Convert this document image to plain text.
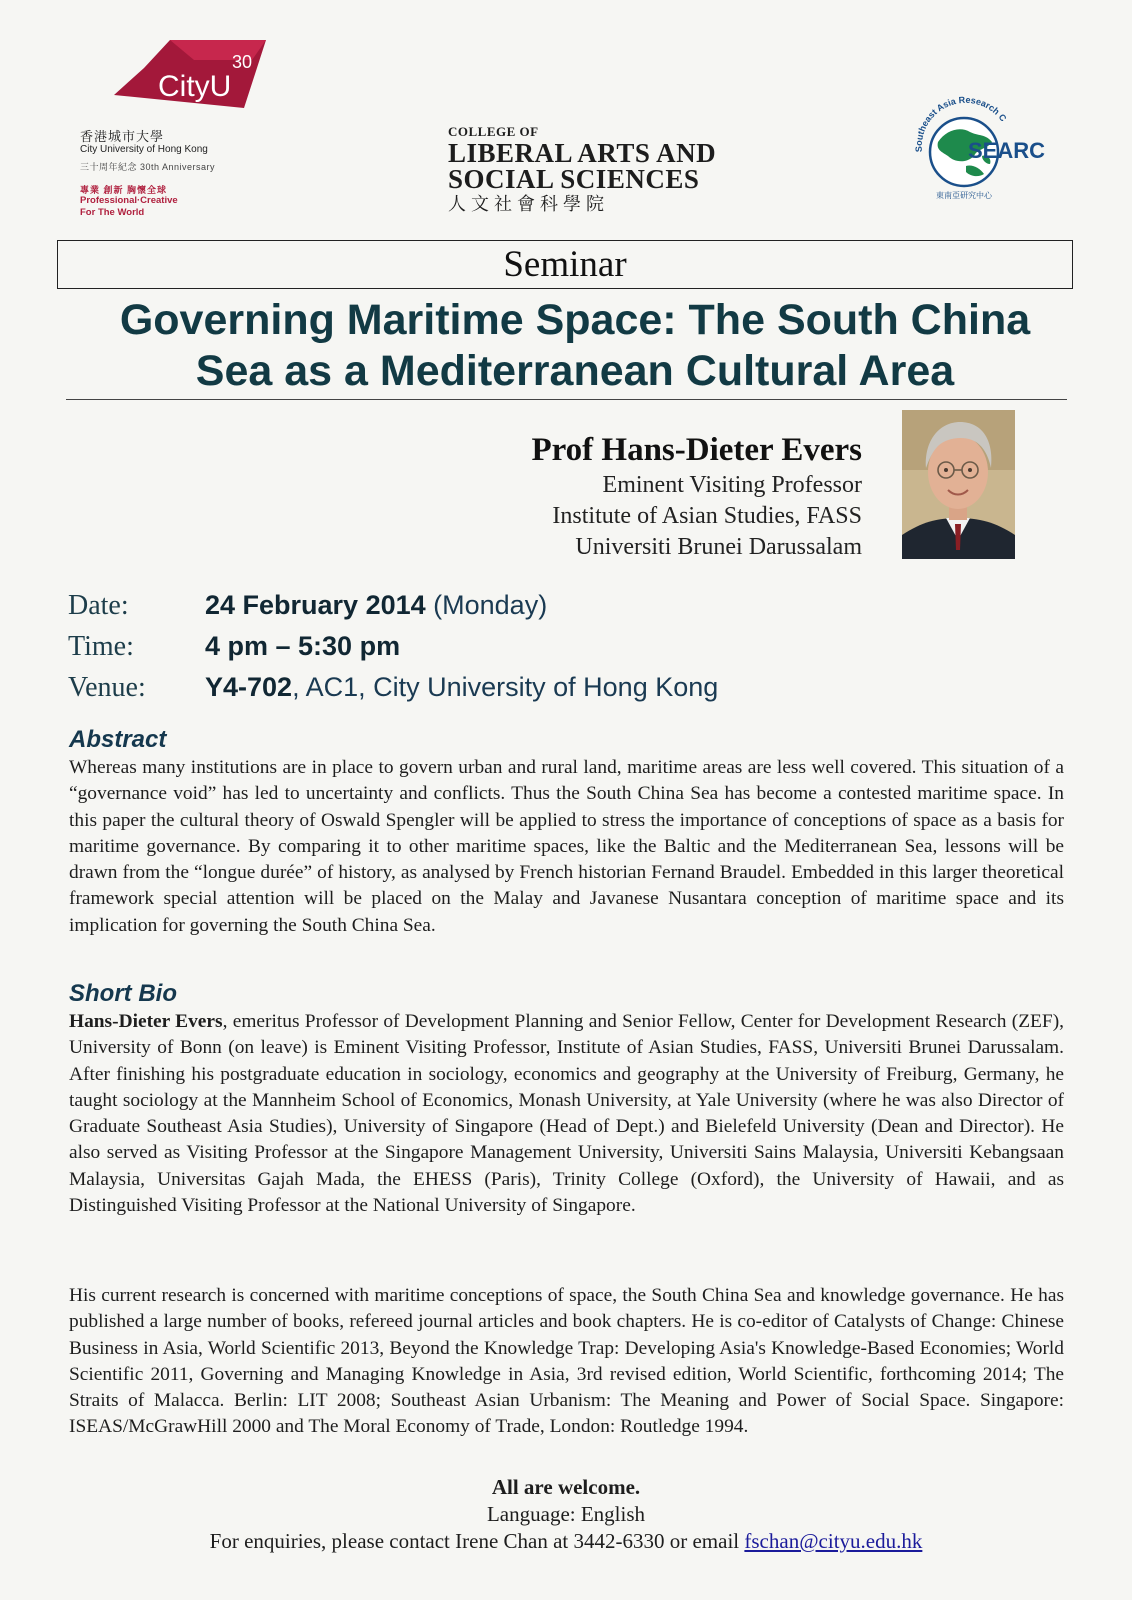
CityU
30
香港城市大學
City University of Hong Kong
三十周年紀念 30th Anniversary
專業 創新 胸懷全球
Professional·Creative
For The World
COLLEGE OF
LIBERAL ARTS AND
SOCIAL SCIENCES
人文社會科學院
Southeast Asia Research C
SEARC
東南亞研究中心
Seminar
Governing Maritime Space: The South China
Sea as a Mediterranean Cultural Area
Prof Hans-Dieter Evers
Eminent Visiting Professor
Institute of Asian Studies, FASS
Universiti Brunei Darussalam
Date:	24 February 2014 (Monday)
Time:	4 pm – 5:30 pm
Venue: Y4-702, AC1, City University of Hong Kong
Abstract
Whereas many institutions are in place to govern urban and rural land, maritime areas are less well covered. This situation of a “governance void” has led to uncertainty and conflicts. Thus the South China Sea has become a contested maritime space. In this paper the cultural theory of Oswald Spengler will be applied to stress the importance of conceptions of space as a basis for maritime governance. By comparing it to other maritime spaces, like the Baltic and the Mediterranean Sea, lessons will be drawn from the “longue durée” of history, as analysed by French historian Fernand Braudel. Embedded in this larger theoretical framework special attention will be placed on the Malay and Javanese Nusantara conception of maritime space and its implication for governing the South China Sea.
Short Bio
Hans-Dieter Evers, emeritus Professor of Development Planning and Senior Fellow, Center for Development Research (ZEF), University of Bonn (on leave) is Eminent Visiting Professor, Institute of Asian Studies, FASS, Universiti Brunei Darussalam. After finishing his postgraduate education in sociology, economics and geography at the University of Freiburg, Germany, he taught sociology at the Mannheim School of Economics, Monash University, at Yale University (where he was also Director of Graduate Southeast Asia Studies), University of Singapore (Head of Dept.) and Bielefeld University (Dean and Director). He also served as Visiting Professor at the Singapore Management University, Universiti Sains Malaysia, Universiti Kebangsaan Malaysia, Universitas Gajah Mada, the EHESS (Paris), Trinity College (Oxford), the University of Hawaii, and as Distinguished Visiting Professor at the National University of Singapore.
His current research is concerned with maritime conceptions of space, the South China Sea and knowledge governance. He has published a large number of books, refereed journal articles and book chapters. He is co-editor of Catalysts of Change: Chinese Business in Asia, World Scientific 2013, Beyond the Knowledge Trap: Developing Asia's Knowledge-Based Economies; World Scientific 2011, Governing and Managing Knowledge in Asia, 3rd revised edition, World Scientific, forthcoming 2014; The Straits of Malacca. Berlin: LIT 2008; Southeast Asian Urbanism: The Meaning and Power of Social Space. Singapore: ISEAS/McGrawHill 2000 and The Moral Economy of Trade, London: Routledge 1994.
All are welcome.
Language: English
For enquiries, please contact Irene Chan at 3442-6330 or email fschan@cityu.edu.hk
